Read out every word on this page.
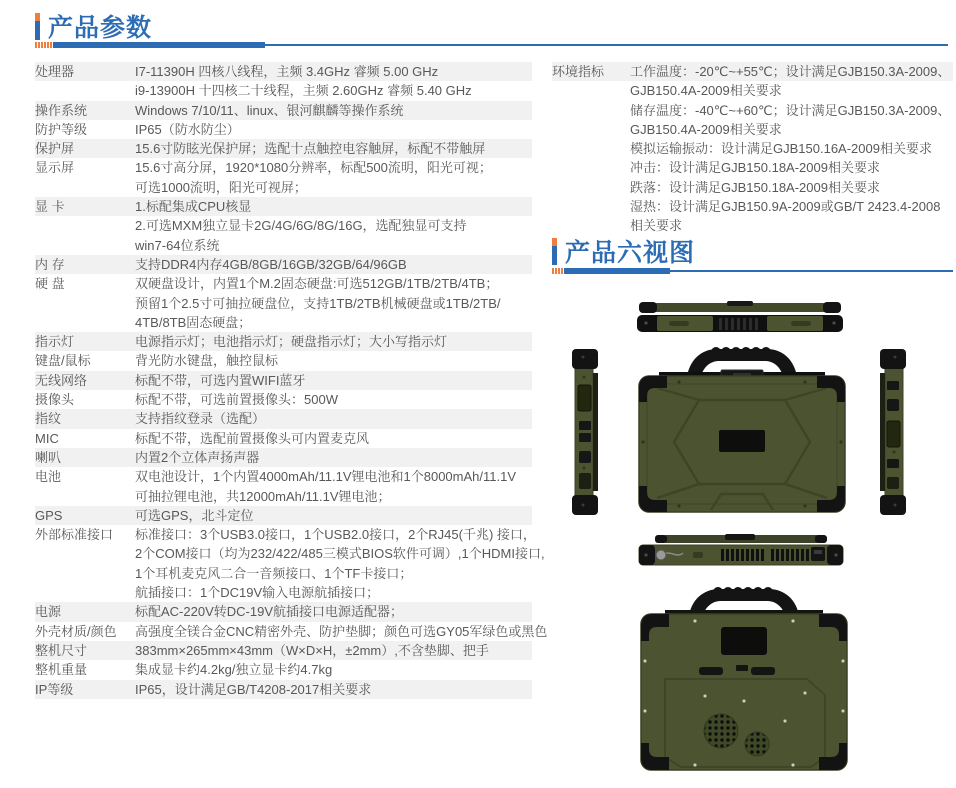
产品参数
处理器	I7-11390H 四核八线程，主频 3.4GHz 睿频 5.00 GHz
i9-13900H 十四核二十线程，主频 2.60GHz 睿频 5.40 GHz
操作系统	Windows 7/10/11、linux、银河麒麟等操作系统
防护等级	IP65（防水防尘）
保护屏	15.6寸防眩光保护屏；选配十点触控电容触屏，标配不带触屏
显示屏	15.6寸高分屏，1920*1080分辨率，标配500流明，阳光可视；
可选1000流明，阳光可视屏；
显 卡	1.标配集成CPU核显
2.可选MXM独立显卡2G/4G/6G/8G/16G，选配独显可支持
win7-64位系统
内 存	支持DDR4内存4GB/8GB/16GB/32GB/64/96GB
硬 盘	双硬盘设计，内置1个M.2固态硬盘:可选512GB/1TB/2TB/4TB；
预留1个2.5寸可抽拉硬盘位，支持1TB/2TB机械硬盘或1TB/2TB/
4TB/8TB固态硬盘；
指示灯	电源指示灯；电池指示灯；硬盘指示灯；大小写指示灯
键盘/鼠标	背光防水键盘，触控鼠标
无线网络	标配不带，可选内置WIFI蓝牙
摄像头	标配不带，可选前置摄像头：500W
指纹	支持指纹登录（选配）
MIC	标配不带，选配前置摄像头可内置麦克风
喇叭	内置2个立体声扬声器
电池	双电池设计，1个内置4000mAh/11.1V锂电池和1个8000mAh/11.1V
可抽拉锂电池，共12000mAh/11.1V锂电池；
GPS	可选GPS，北斗定位
外部标准接口	标准接口：3个USB3.0接口，1个USB2.0接口，2个RJ45(千兆) 接口，
2个COM接口（均为232/422/485三模式BIOS软件可调）,1个HDMI接口,
1个耳机麦克风二合一音频接口、1个TF卡接口；
航插接口：1个DC19V输入电源航插接口；
电源	标配AC-220V转DC-19V航插接口电源适配器；
外壳材质/颜色	高强度全镁合金CNC精密外壳、防护垫脚；颜色可选GY05军绿色或黑色
整机尺寸	383mm×265mm×43mm（W×D×H，±2mm）,不含垫脚、把手
整机重量	集成显卡约4.2kg/独立显卡约4.7kg
IP等级	IP65，设计满足GB/T4208-2017相关要求
环境指标	工作温度：-20℃~+55℃；设计满足GJB150.3A-2009、
GJB150.4A-2009相关要求
储存温度：-40℃~+60℃；设计满足GJB150.3A-2009、
GJB150.4A-2009相关要求
模拟运输振动：设计满足GJB150.16A-2009相关要求
冲击：设计满足GJB150.18A-2009相关要求
跌落：设计满足GJB150.18A-2009相关要求
湿热：设计满足GJB150.9A-2009或GB/T 2423.4-2008
相关要求
产品六视图
